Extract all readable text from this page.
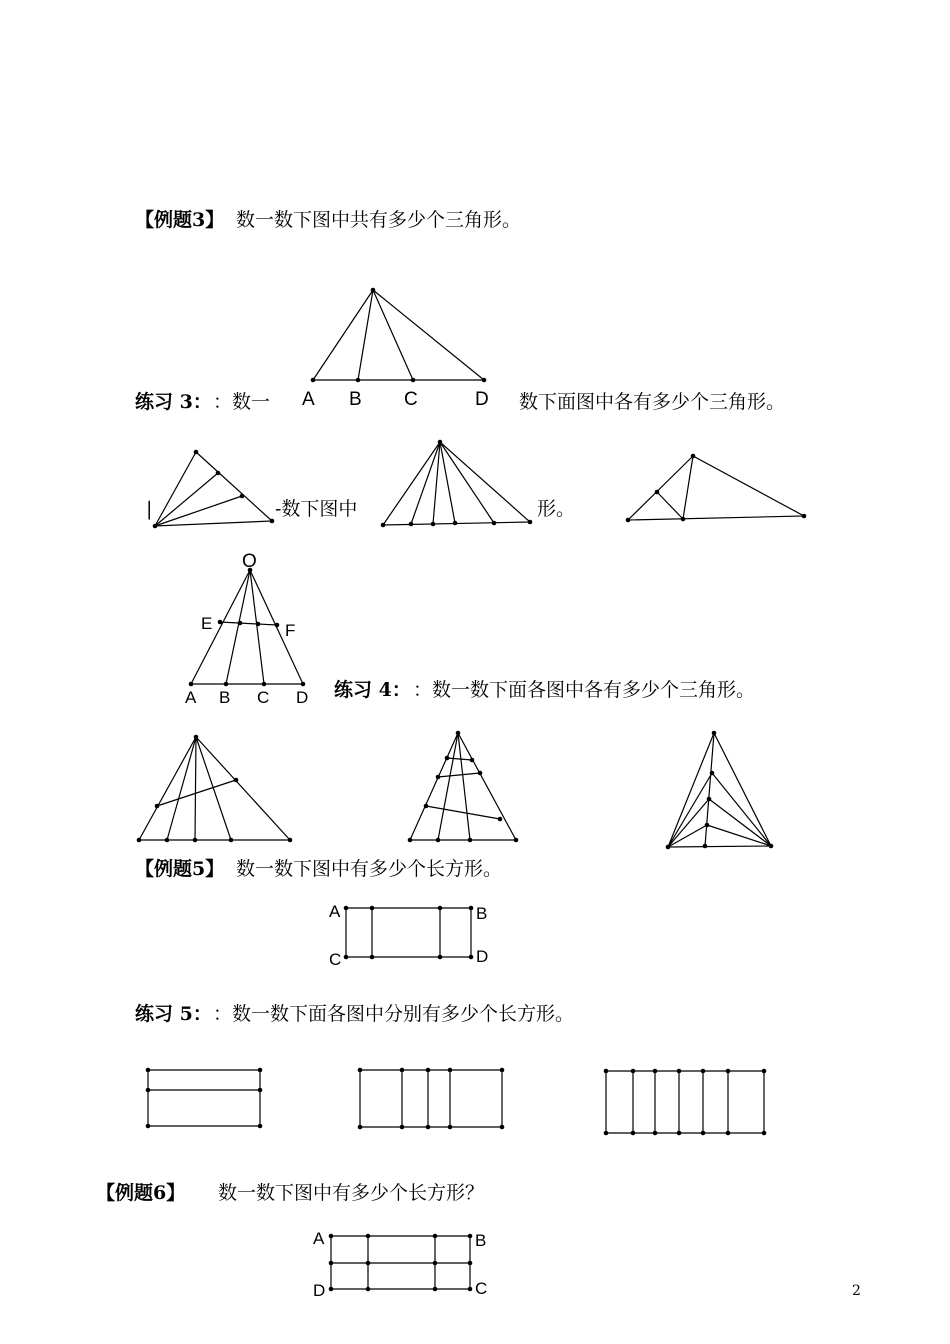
【例题3】 数一数下图中共有多少个三角形。
A B C	D
练习 3： ：数一	数下面图中各有多少个三角形。
|	-数下图中	形。
O
E	F
A B C D 练习 4： ：数一数下面各图中各有多少个三角形。
【例题5】 数一数下图中有多少个长方形。
A	B
C	D
练习 5： ：数一数下面各图中分别有多少个长方形。
【例题6】 数一数下图中有多少个长方形？
A	B
D	C	2
